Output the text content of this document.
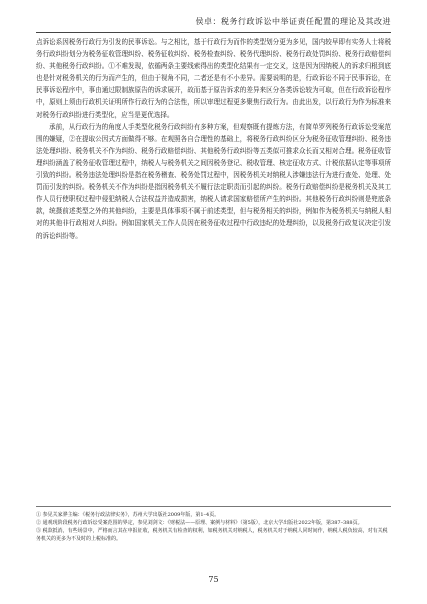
侯卓：税务行政诉讼中举证责任配置的理论及其改进

点诉讼系因税务行政行为引发的民事诉讼。与之相比，基于行政行为而作的类型划分更为多见，国内较早即有实务人士将税务行政纠纷划分为税务征收管理纠纷、税务征收纠纷、税务检查纠纷、税务代理纠纷、税务行政处罚纠纷、税务行政赔偿纠纷、其他税务行政纠纷。①不难发现，依循两条主要线索得出的类型化结果有一定交叉，这是因为因纳税人的诉求归根到底也是针对税务机关的行为而产生的，但由于视角不同，二者还是有不小差异。需要说明的是，行政诉讼不同于民事诉讼，在民事诉讼程序中，事由通过限制族原告的诉求展开，故而基于原告诉求的差异来区分各类诉讼较为可取，但在行政诉讼程序中，原则上须由行政机关证明所作行政行为的合法性，所以审理过程更多聚焦行政行为。由此出发，以行政行为作为标准来对税务行政纠纷进行类型化，应当是更优选择。

承前，从行政行为的角度人手类型化税务行政纠纷有多种方案，但观察既有提炼方法，有简单罗列税务行政诉讼受案范围的嫌疑，②在提取公因式方面做得不够。在观照各自合理性的基础上，将税务行政纠纷区分为税务征收管理纠纷、税务违法处理纠纷、税务机关不作为纠纷、税务行政赔偿纠纷、其他税务行政纠纷等五类似可推求众长而又相对合理。税务征收管理纠纷涵盖了税务征收管理过程中，纳税人与税务机关之间因税务登记、税收管理、核定征收方式、计税依据认定等事项所引致的纠纷。税务违法处理纠纷是指在税务稽查、税务处罚过程中，因税务机关对纳税人涉嫌违法行为进行查处、处理、处罚而引发的纠纷。税务机关不作为纠纷是指因税务机关不履行法定职责而引起的纠纷。税务行政赔偿纠纷是税务机关及其工作人员行使职权过程中侵犯纳税人合法权益并造成损害，纳税人请求国家赔偿所产生的纠纷。其他税务行政纠纷则是兜底条款，统摄前述类型之外的其他纠纷，主要是具体事项不属于前述类型，但与税务相关的纠纷，例如作为税务机关与纳税人相对的其他非行政相对人纠纷。例如国家机关工作人员因在税务征收过程中行政违纪的处理纠纷，以及税务行政复议决定引发的诉讼纠纷等。

① 参见关家骅主编：《税务行政法律实务》，苏州大学出版社2009年版，第1–4页。

② 通观现阶段税务行政诉讼受案范围的界定，参见刘剑文：《财税法——原理、案例与材料》（第5版），北京大学出版社2022年版，第387–388页。

③ 税款抵消，有些场景中，严格而言其在申报征收，税务机关有检查的权利，如税务机关对纳税人，税务机关对于纳税人同时间作，纳税人税负较高，对有关税务机关的更多为不及时的上税标准的。

75
